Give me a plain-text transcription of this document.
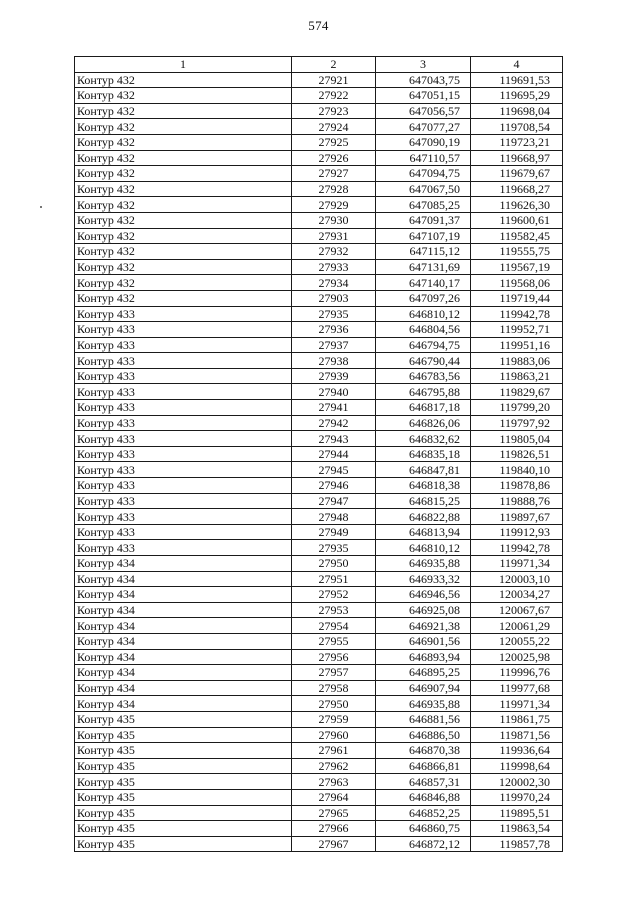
574
1	2	3	4
Контур 432	27921	647043,75	119691,53
Контур 432	27922	647051,15	119695,29
Контур 432	27923	647056,57	119698,04
Контур 432	27924	647077,27	119708,54
Контур 432	27925	647090,19	119723,21
Контур 432	27926	647110,57	119668,97
Контур 432	27927	647094,75	119679,67
Контур 432	27928	647067,50	119668,27
Контур 432	27929	647085,25	119626,30
Контур 432	27930	647091,37	119600,61
Контур 432	27931	647107,19	119582,45
Контур 432	27932	647115,12	119555,75
Контур 432	27933	647131,69	119567,19
Контур 432	27934	647140,17	119568,06
Контур 432	27903	647097,26	119719,44
Контур 433	27935	646810,12	119942,78
Контур 433	27936	646804,56	119952,71
Контур 433	27937	646794,75	119951,16
Контур 433	27938	646790,44	119883,06
Контур 433	27939	646783,56	119863,21
Контур 433	27940	646795,88	119829,67
Контур 433	27941	646817,18	119799,20
Контур 433	27942	646826,06	119797,92
Контур 433	27943	646832,62	119805,04
Контур 433	27944	646835,18	119826,51
Контур 433	27945	646847,81	119840,10
Контур 433	27946	646818,38	119878,86
Контур 433	27947	646815,25	119888,76
Контур 433	27948	646822,88	119897,67
Контур 433	27949	646813,94	119912,93
Контур 433	27935	646810,12	119942,78
Контур 434	27950	646935,88	119971,34
Контур 434	27951	646933,32	120003,10
Контур 434	27952	646946,56	120034,27
Контур 434	27953	646925,08	120067,67
Контур 434	27954	646921,38	120061,29
Контур 434	27955	646901,56	120055,22
Контур 434	27956	646893,94	120025,98
Контур 434	27957	646895,25	119996,76
Контур 434	27958	646907,94	119977,68
Контур 434	27950	646935,88	119971,34
Контур 435	27959	646881,56	119861,75
Контур 435	27960	646886,50	119871,56
Контур 435	27961	646870,38	119936,64
Контур 435	27962	646866,81	119998,64
Контур 435	27963	646857,31	120002,30
Контур 435	27964	646846,88	119970,24
Контур 435	27965	646852,25	119895,51
Контур 435	27966	646860,75	119863,54
Контур 435	27967	646872,12	119857,78
